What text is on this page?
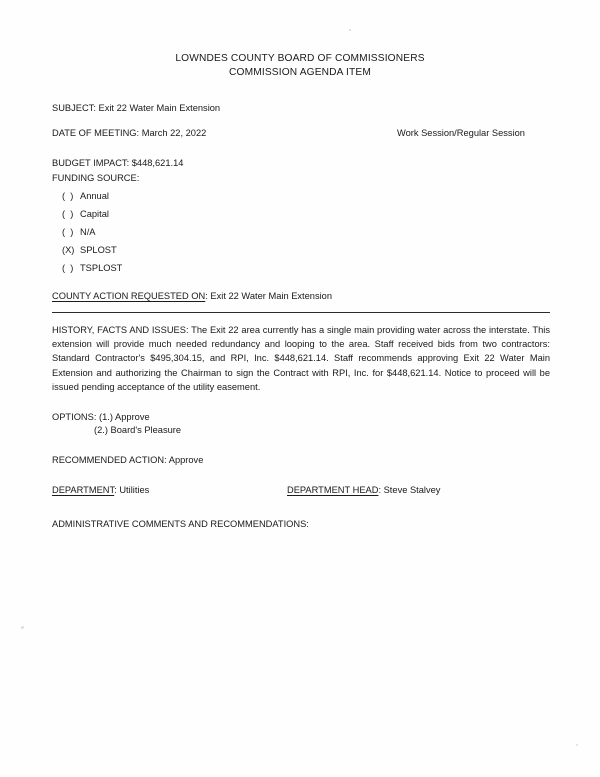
LOWNDES COUNTY BOARD OF COMMISSIONERS
COMMISSION AGENDA ITEM
SUBJECT: Exit 22 Water Main Extension
DATE OF MEETING: March 22, 2022	Work Session/Regular Session
BUDGET IMPACT: $448,621.14
FUNDING SOURCE:
(  ) Annual
(  ) Capital
(  ) N/A
(X) SPLOST
(  ) TSPLOST
COUNTY ACTION REQUESTED ON: Exit 22 Water Main Extension
HISTORY, FACTS AND ISSUES: The Exit 22 area currently has a single main providing water across the interstate. This extension will provide much needed redundancy and looping to the area. Staff received bids from two contractors: Standard Contractor's $495,304.15, and RPI, Inc. $448,621.14. Staff recommends approving Exit 22 Water Main Extension and authorizing the Chairman to sign the Contract with RPI, Inc. for $448,621.14. Notice to proceed will be issued pending acceptance of the utility easement.
OPTIONS: (1.) Approve
(2.) Board's Pleasure
RECOMMENDED ACTION: Approve
DEPARTMENT: Utilities	DEPARTMENT HEAD: Steve Stalvey
ADMINISTRATIVE COMMENTS AND RECOMMENDATIONS:
